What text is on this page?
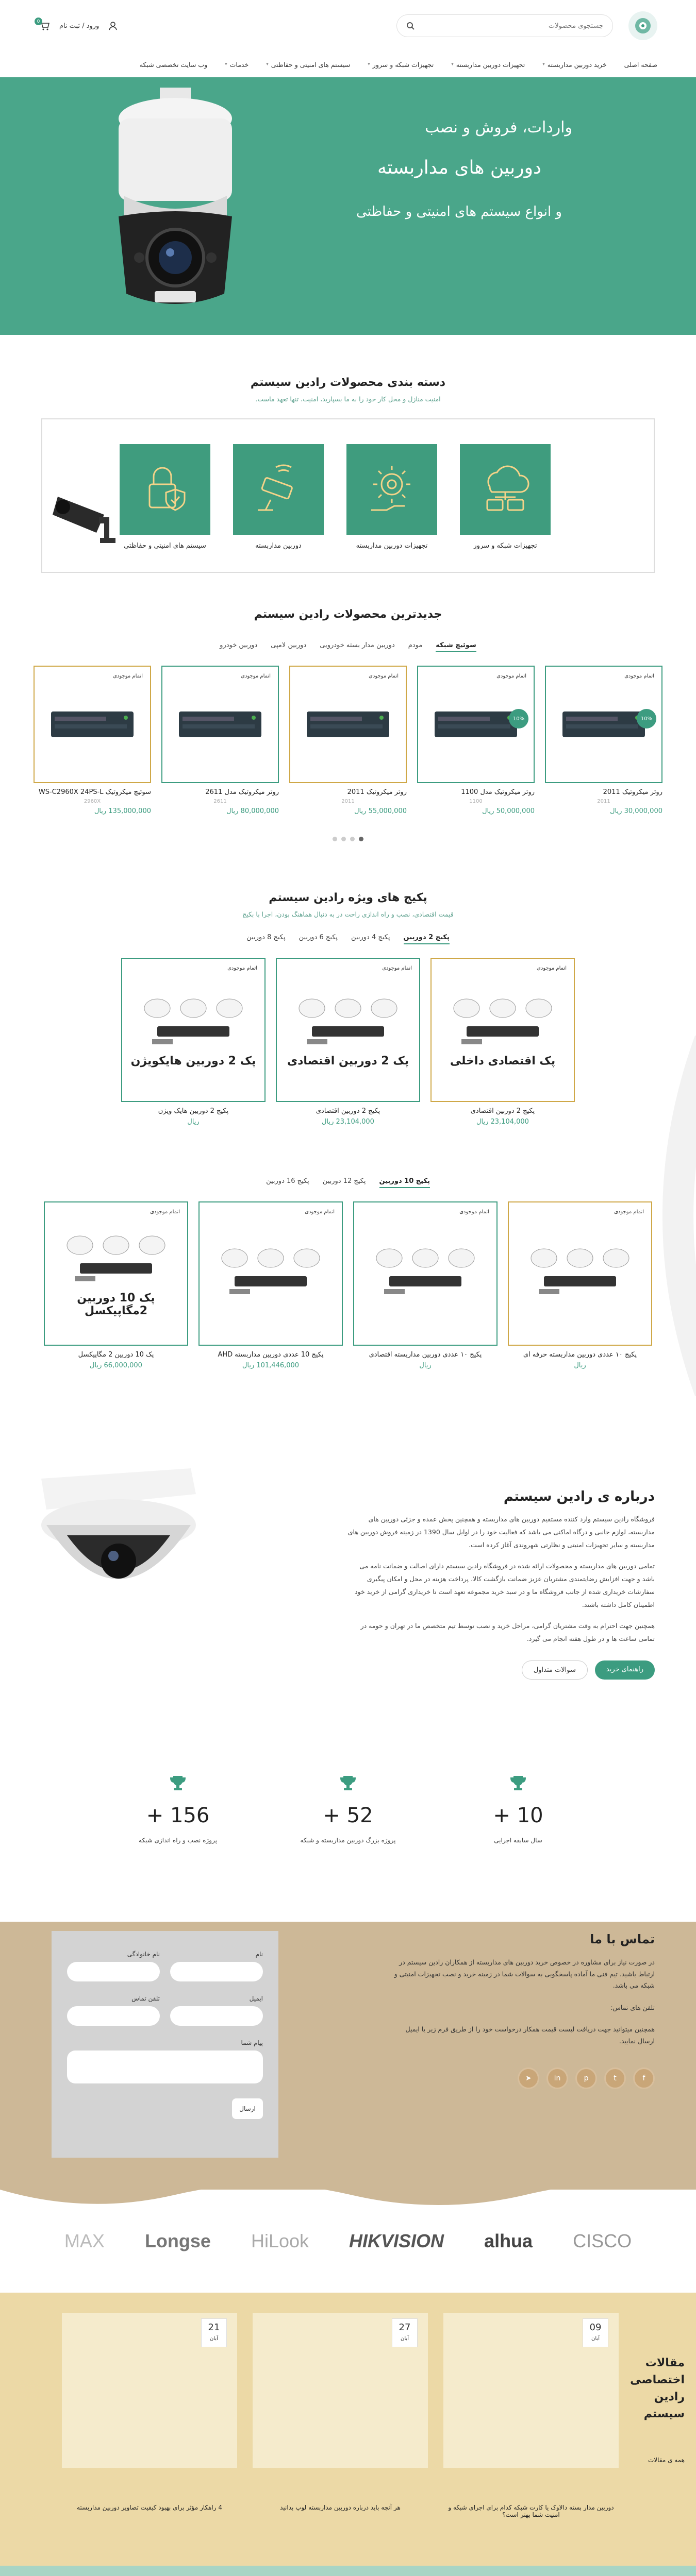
جستجوی محصولات
ورود / ثبت نام
0
صفحه اصلی
خرید دوربین مداربسته
▾
تجهیزات دوربین مداربسته
▾
تجهیزات شبکه و سرور
▾
سیستم های امنیتی و حفاظتی
▾
خدمات
▾
وب سایت تخصصی شبکه
واردات، فروش و نصب
دوربین های مداربسته
و انواع سیستم های امنیتی و حفاظتی
دسته بندی محصولات رادین سیستم
امنیت منازل و محل کار خود را به ما بسپارید، امنیت، تنها تعهد ماست.
تجهیزات شبکه و سرور
تجهیزات دوربین مداربسته
دوربین مداربسته
سیستم های امنیتی و حفاظتی
جدیدترین محصولات رادین سیستم
سوئیچ شبکه
مودم
دوربین مدار بسته خودرویی
دوربین لامپی
دوربین خودرو
اتمام موجودی
10%
روتر میکروتیک 2011
2011
30,000,000 ریال
اتمام موجودی
10%
روتر میکروتیک مدل 1100
1100
50,000,000 ریال
اتمام موجودی
روتر میکروتیک 2011
2011
55,000,000 ریال
اتمام موجودی
روتر میکروتیک مدل 2611
2611
80,000,000 ریال
اتمام موجودی
سوئیچ میکروتیک WS-C2960X 24PS-L
2960X
135,000,000 ریال
پکیج های ویژه رادین سیستم
قیمت اقتصادی، نصب و راه اندازی راحت در به دنبال هماهنگ بودن، اجرا با بکیج
پکیج 2 دوربین
پکیج 4 دوربین
پکیج 6 دوربین
پکیج 8 دوربین
اتمام موجودی
پک اقتصادی داخلی
پکیج 2 دوربین اقتصادی
23,104,000 ریال
اتمام موجودی
پک 2 دوربین اقتصادی
پکیج 2 دوربین اقتصادی
23,104,000 ریال
اتمام موجودی
پک 2 دوربین هایکویژن
پکیج 2 دوربین هایک ویژن
ریال
پکیج 10 دوربین
پکیج 12 دوربین
پکیج 16 دوربین
اتمام موجودی
پکیج ۱۰ عددی دوربین مداربسته حرفه ای
ریال
اتمام موجودی
پکیج ۱۰ عددی دوربین مداربسته اقتصادی
ریال
اتمام موجودی
پکیج 10 عددی دوربین مداربسته AHD
101,446,000 ریال
اتمام موجودی
پک 10 دوربین 2مگاپیکسل
پک 10 دوربین 2 مگاپیکسل
66,000,000 ریال
درباره ی رادین سیستم

فروشگاه رادین سیستم وارد کننده مستقیم دوربین های مداربسته و همچنین پخش عمده و جزئی دوربین های مداربسته، لوازم جانبی و درگاه اماکنی می باشد که فعالیت خود را در اوایل سال 1390 در زمینه فروش دوربین های مداربسته و سایر تجهیزات امنیتی و نظارتی شهروندی آغاز کرده است.

تمامی دوربین های مداربسته و محصولات ارائه شده در فروشگاه رادین سیستم دارای اصالت و ضمانت نامه می باشد و جهت افزایش رضایتمندی مشتریان عزیز ضمانت بازگشت کالا، پرداخت هزینه در محل و امکان پیگیری سفارشات خریداری شده از جانب فروشگاه ما و در سبد خرید مجموعه تعهد است تا خریداری گرامی از خرید خود اطمینان کامل داشته باشند.

همچنین جهت احترام به وقت مشتریان گرامی، مراحل خرید و نصب توسط تیم متخصص ما در تهران و حومه در تمامی ساعت ها و در طول هفته انجام می گیرد.

راهنمای خرید
سوالات متداول
10 +
سال سابقه اجرایی
52 +
پروژه بزرگ دوربین مداربسته و شبکه
156 +
پروژه نصب و راه اندازی شبکه
تماس با ما

در صورت نیاز برای مشاوره در خصوص خرید دوربین های مداربسته از همکاران رادین سیستم در ارتباط باشید. تیم فنی ما آماده پاسخگویی به سوالات شما در زمینه خرید و نصب تجهیزات امنیتی و شبکه می باشد.

تلفن های تماس:

همچنین میتوانید جهت دریافت لیست قیمت همکار درخواست خود را از طریق فرم زیر یا ایمیل ارسال نمایید.

f
t
p
in
➤
نام
نام خانوادگی
ایمیل
تلفن تماس
پیام شما
ارسال
CISCO
alhua
HIKVISION
HiLook
Longse
MAX
مقالات اختصاصی رادین سیستم
همه ی مقالات
09
آبان
دوربین مدار بسته دالاوک یا کارت شبکه کدام برای اجرای شبکه و امنیت شما بهتر است؟
27
آبان
هر آنچه باید درباره دوربین مداربسته لوپ بدانید
21
آبان
4 راهکار مؤثر برای بهبود کیفیت تصاویر دوربین مداربسته
